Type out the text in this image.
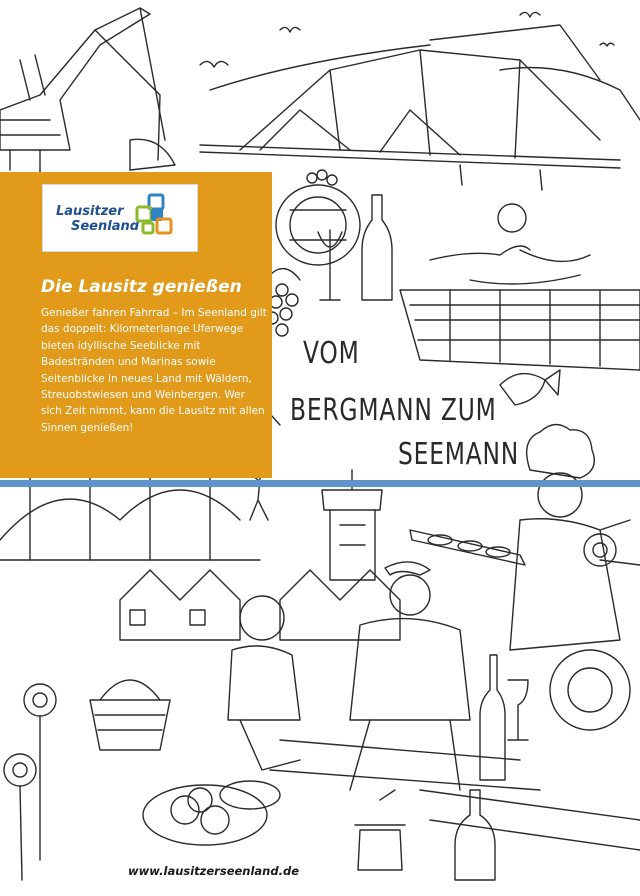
Lausitzer
Seenland
Die Lausitz genießen

Genießer fahren Fahrrad – Im Seenland gilt das doppelt: Kilometerlange Uferwege bieten idyllische Seeblicke mit Badestränden und Marinas sowie Seitenblicke in neues Land mit Wäldern, Streuobstwiesen und Weinbergen. Wer sich Zeit nimmt, kann die Lausitz mit allen Sinnen genießen!

VOM

BERGMANN ZUM

SEEMANN

www.lausitzerseenland.de
